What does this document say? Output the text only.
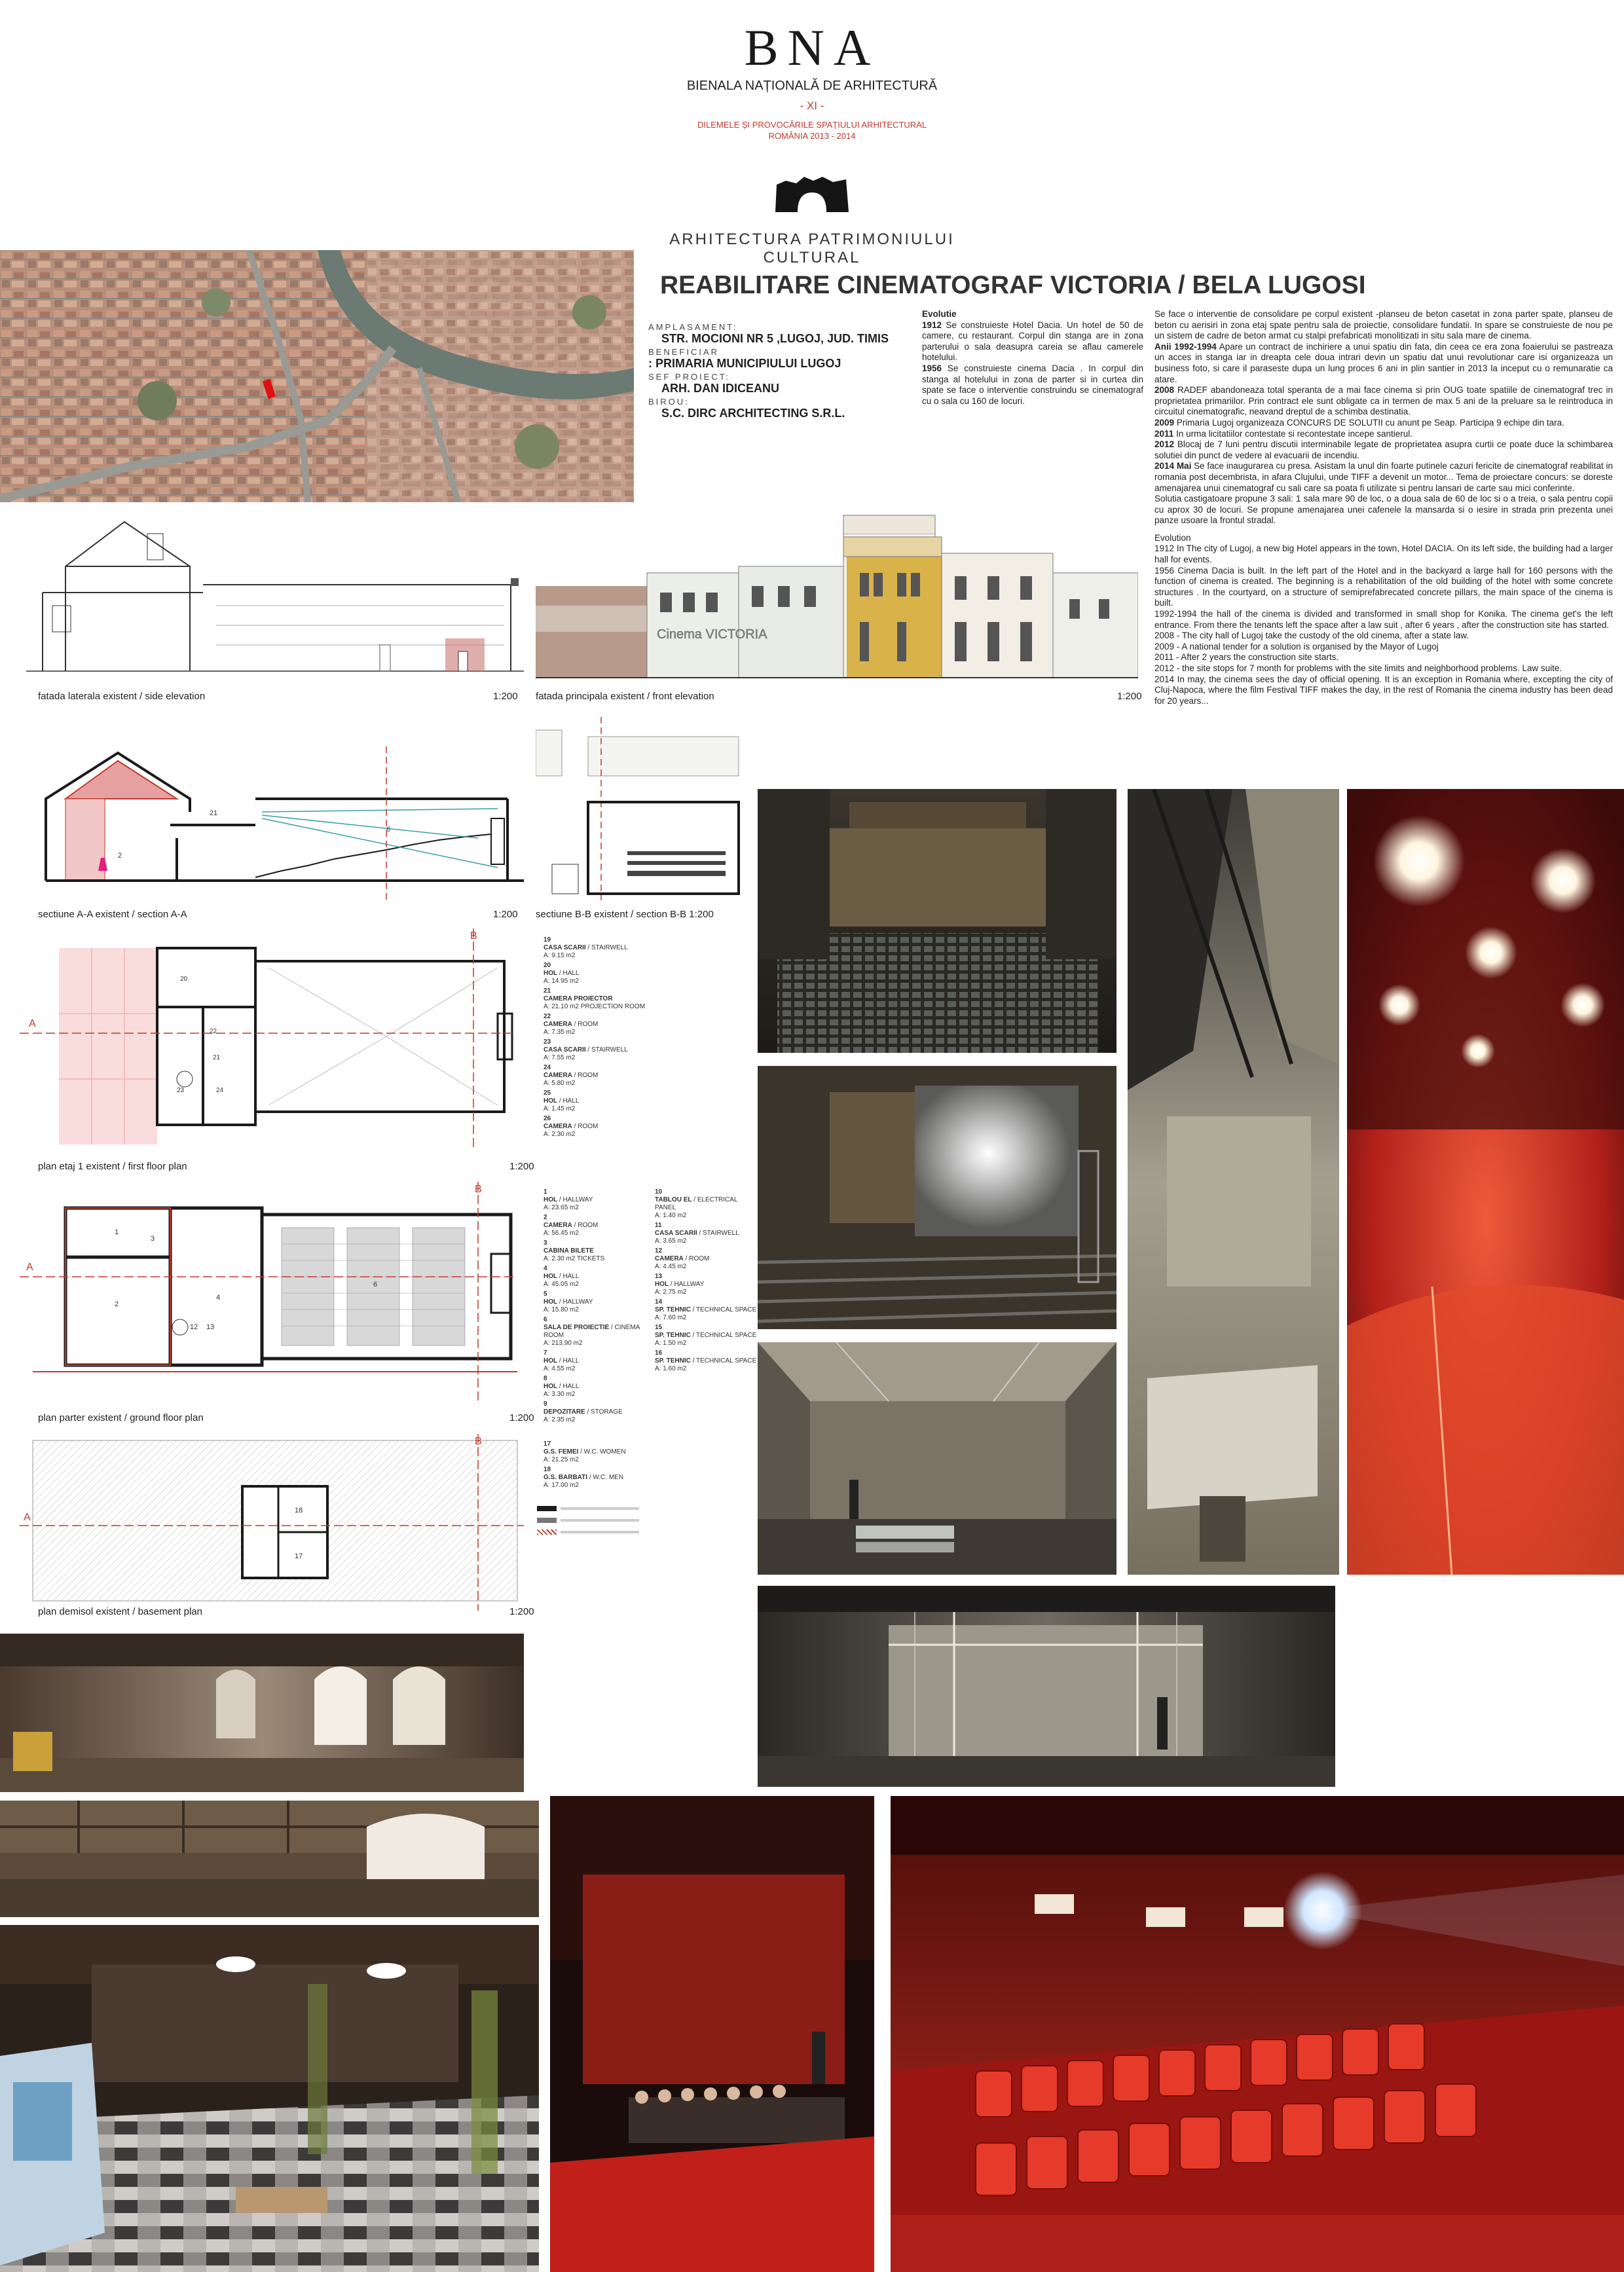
BNA
BIENALA NAȚIONALĂ DE ARHITECTURĂ
- XI -
DILEMELE ȘI PROVOCĂRILE SPAȚIULUI ARHITECTURAL
ROMÂNIA 2013 - 2014
ARHITECTURA PATRIMONIULUI CULTURAL
REABILITARE CINEMATOGRAF VICTORIA / BELA LUGOSI
AMPLASAMENT:
STR. MOCIONI NR 5 ,LUGOJ, JUD. TIMIS
BENEFICIAR
: PRIMARIA MUNICIPIULUI LUGOJ
SEF PROIECT:
ARH. DAN IDICEANU
BIROU:
S.C. DIRC ARCHITECTING S.R.L.
Evolutie

1912 Se construieste Hotel Dacia. Un hotel de 50 de camere, cu restaurant. Corpul din stanga are in zona parterului o sala deasupra careia se aflau camerele hotelului.

1956 Se construieste cinema Dacia . In corpul din stanga al hotelului in zona de parter si in curtea din spate se face o interventie construindu se cinematograf cu o sala cu 160 de locuri.

Se face o interventie de consolidare pe corpul existent -planseu de beton casetat in zona parter spate, planseu de beton cu aerisiri in zona etaj spate pentru sala de proiectie, consolidare fundatii. In spare se construieste de nou pe un sistem de cadre de beton armat cu stalpi prefabricati monolitizati in situ sala mare de cinema.

Anii 1992-1994 Apare un contract de inchiriere a unui spatiu din fata, din ceea ce era zona foaierului se pastreaza un acces in stanga iar in dreapta cele doua intrari devin un spatiu dat unui revolutionar care isi organizeaza un business foto, si care il paraseste dupa un lung proces 6 ani in plin santier in 2013 la inceput cu o remunaratie ca atare.

2008 RADEF abandoneaza total speranta de a mai face cinema si prin OUG toate spatiile de cinematograf trec in proprietatea primariilor. Prin contract ele sunt obligate ca in termen de max 5 ani de la preluare sa le reintroduca in circuitul cinematografic, neavand dreptul de a schimba destinatia.

2009 Primaria Lugoj organizeaza CONCURS DE SOLUTII cu anunt pe Seap. Participa 9 echipe din tara.

2011 In urma licitatiilor contestate si recontestate incepe santierul.

2012 Blocaj de 7 luni pentru discutii interminabile legate de proprietatea asupra curtii ce poate duce la schimbarea solutiei din punct de vedere al evacuarii de incendiu.

2014 Mai Se face inaugurarea cu presa. Asistam la unul din foarte putinele cazuri fericite de cinematograf reabilitat in romania post decembrista, in afara Clujului, unde TIFF a devenit un motor... Tema de proiectare concurs: se doreste amenajarea unui cinematograf cu sali care sa poata fi utilizate si pentru lansari de carte sau mici conferinte.

Solutia castigatoare propune 3 sali: 1 sala mare 90 de loc, o a doua sala de 60 de loc si o a treia, o sala pentru copii cu aprox 30 de locuri. Se propune amenajarea unei cafenele la mansarda si o iesire in strada prin prezenta unei panze usoare la frontul stradal.

Evolution

1912 In The city of Lugoj, a new big Hotel appears in the town, Hotel DACIA. On its left side, the building had a larger hall for events.

1956 Cinema Dacia is built. In the left part of the Hotel and in the backyard a large hall for 160 persons with the function of cinema is created. The beginning is a rehabilitation of the old building of the hotel with some concrete structures . In the courtyard, on a structure of semiprefabrecated concrete pillars, the main space of the cinema is built.

1992-1994 the hall of the cinema is divided and transformed in small shop for Konika. The cinema get's the left entrance. From there the tenants left the space after a law suit , after 6 years , after the construction site has started.

2008 - The city hall of Lugoj take the custody of the old cinema, after a state law.

2009 - A national tender for a solution is organised by the Mayor of Lugoj

2011 - After 2 years the construction site starts.

2012 - the site stops for 7 month for problems with the site limits and neighborhood problems. Law suite.

2014 In may, the cinema sees the day of official opening. It is an exception in Romania where, excepting the city of Cluj-Napoca, where the film Festival TIFF makes the day, in the rest of Romania the cinema industry has been dead for 20 years...

fatada laterala existent / side elevation	1:200
Cinema VICTORIA
fatada principala existent / front elevation	1:200
21
6
2
sectiune A-A existent / section A-A	1:200 sectiune B-B existent / section B-B 1:200
A
B
20
22
21
23	24
19
CASA SCARII / STAIRWELL
A: 9.15 m2
20
HOL / HALL
A: 14.95 m2
21
CAMERA PROIECTOR
A: 21.10 m2 PROJECTION ROOM
22
CAMERA / ROOM
A: 7.35 m2
23
CASA SCARII / STAIRWELL
A: 7.55 m2
24
CAMERA / ROOM
A: 5.80 m2
25
HOL / HALL
A: 1.45 m2
26
CAMERA / ROOM
A: 2.30 m2
plan etaj 1 existent / first floor plan	1:200
A
B
1
2
3
4
6
12 13
1
HOL / HALLWAY
A: 23.65 m2
2
CAMERA / ROOM
A: 56.45 m2
3
CABINA BILETE
A: 2.30 m2 TICKETS
4
HOL / HALL
A: 45.05 m2
5
HOL / HALLWAY
A: 15.80 m2
6
SALA DE PROIECTIE / CINEMA ROOM
A: 213.90 m2
7
HOL / HALL
A: 4.55 m2
8
HOL / HALL
A: 3.30 m2
9
DEPOZITARE / STORAGE
A: 2.35 m2
10
TABLOU EL / ELECTRICAL PANEL
A: 1.40 m2
11
CASA SCARII / STAIRWELL
A: 3.65 m2
12
CAMERA / ROOM
A: 4.45 m2
13
HOL / HALLWAY
A: 2.75 m2
14
SP. TEHNIC / TECHNICAL SPACE
A: 7.60 m2
15
SP. TEHNIC / TECHNICAL SPACE
A: 1.50 m2
16
SP. TEHNIC / TECHNICAL SPACE
A: 1.60 m2
plan parter existent / ground floor plan	1:200
A
B
18
17
17
G.S. FEMEI / W.C. WOMEN
A: 21.25 m2
18
G.S. BARBATI / W.C. MEN
A: 17.00 m2
plan demisol existent / basement plan	1:200
